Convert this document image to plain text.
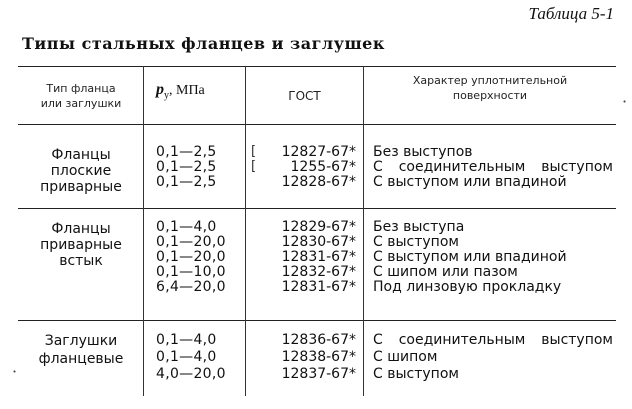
Таблица 5-1
Типы стальных фланцев и заглушек
Тип фланца
или заглушки
$p_у$, МПа	ГОСТ
Характер уплотнительной
поверхности
Фланцы
плоские
приварные
0,1—2,5
0,1—2,5
0,1—2,5
12827-67*
1255-67*
12828-67*
[
[
Без выступов
С соединительным выступом
С выступом или впадиной
Фланцы
приварные
встык
0,1—4,0
0,1—20,0
0,1—20,0
0,1—10,0
6,4—20,0
12829-67*
12830-67*
12831-67*
12832-67*
12831-67*
Без выступа
С выступом
С выступом или впадиной
С шипом или пазом
Под линзовую прокладку
Заглушки
фланцевые
0,1—4,0
0,1—4,0
4,0—20,0
12836-67*
12838-67*
12837-67*
С соединительным выступом
С шипом
С выступом
·
·
